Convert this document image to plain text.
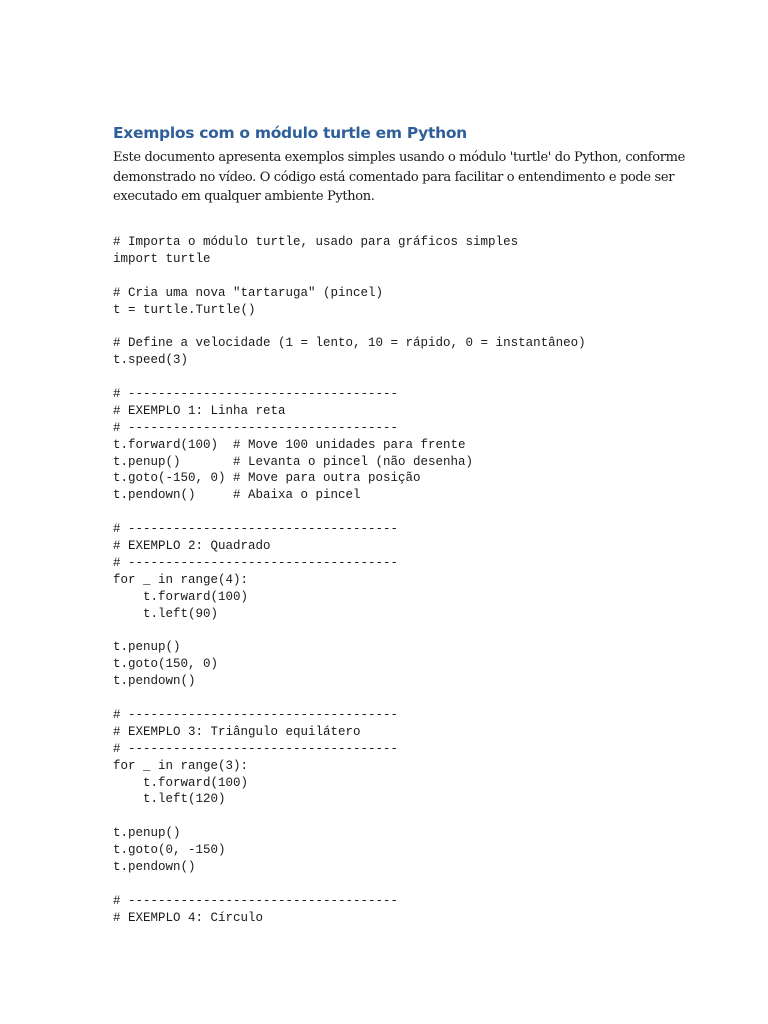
Exemplos com o módulo turtle em Python

Este documento apresenta exemplos simples usando o módulo 'turtle' do Python, conforme
demonstrado no vídeo. O código está comentado para facilitar o entendimento e pode ser
executado em qualquer ambiente Python.

# Importa o módulo turtle, usado para gráficos simples
import turtle
# Cria uma nova "tartaruga" (pincel)
t = turtle.Turtle()
# Define a velocidade (1 = lento, 10 = rápido, 0 = instantâneo)
t.speed(3)
# ------------------------------------
# EXEMPLO 1: Linha reta
# ------------------------------------
t.forward(100)  # Move 100 unidades para frente
t.penup()       # Levanta o pincel (não desenha)
t.goto(-150, 0) # Move para outra posição
t.pendown()     # Abaixa o pincel
# ------------------------------------
# EXEMPLO 2: Quadrado
# ------------------------------------
for _ in range(4):
t.forward(100)
t.left(90)
t.penup()
t.goto(150, 0)
t.pendown()
# ------------------------------------
# EXEMPLO 3: Triângulo equilátero
# ------------------------------------
for _ in range(3):
t.forward(100)
t.left(120)
t.penup()
t.goto(0, -150)
t.pendown()
# ------------------------------------
# EXEMPLO 4: Círculo
